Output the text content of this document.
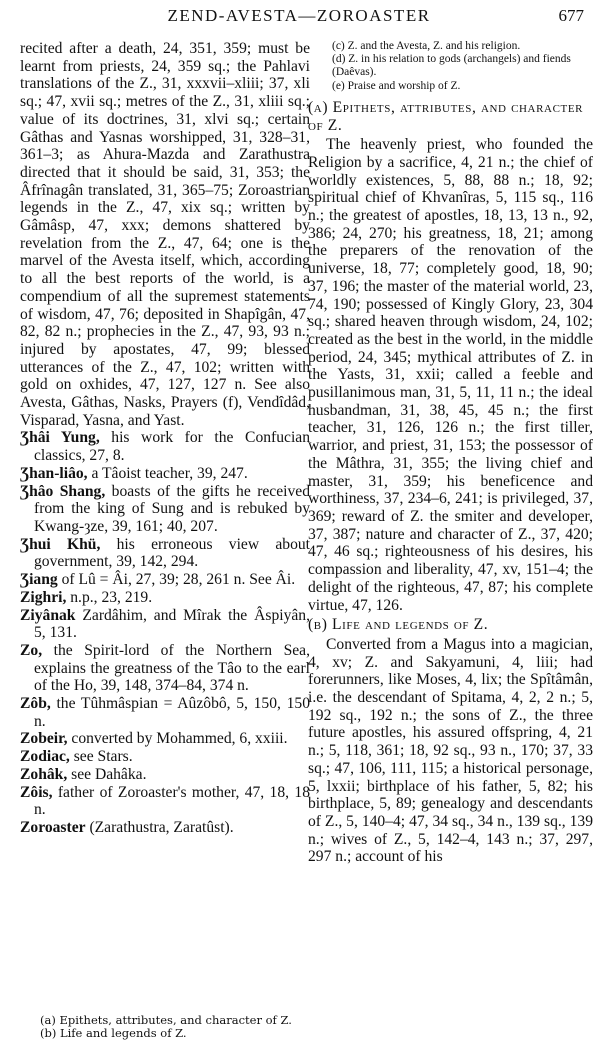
ZEND-AVESTA—ZOROASTER	677

recited after a death, 24, 351, 359; must be learnt from priests, 24, 359 sq.; the Pahlavi translations of the Z., 31, xxxvii–xliii; 37, xli sq.; 47, xvii sq.; metres of the Z., 31, xliii sq.; value of its doctrines, 31, xlvi sq.; certain Gâthas and Yasnas worshipped, 31, 328–31, 361–3; as Ahura-Mazda and Zarathustra directed that it should be said, 31, 353; the Âfrînagân translated, 31, 365–75; Zoroastrian legends in the Z., 47, xix sq.; written by Gâmâsp, 47, xxx; demons shattered by revelation from the Z., 47, 64; one is the marvel of the Avesta itself, which, according to all the best reports of the world, is a compendium of all the supremest statements of wisdom, 47, 76; deposited in Shapîgân, 47, 82, 82 n.; prophecies in the Z., 47, 93, 93 n.; injured by apostates, 47, 99; blessed utterances of the Z., 47, 102; written with gold on oxhides, 47, 127, 127 n. See also Avesta, Gâthas, Nasks, Prayers (f), Vendîdâd, Visparad, Yasna, and Yast.

Ʒhâi Yung, his work for the Confucian classics, 27, 8.

Ʒhan-liâo, a Tâoist teacher, 39, 247.

Ʒhâo Shang, boasts of the gifts he received from the king of Sung and is rebuked by Kwang-ȝze, 39, 161; 40, 207.

Ʒhui Khü, his erroneous view about government, 39, 142, 294.

Ʒiang of Lû = Âi, 27, 39; 28, 261 n. See Âi.

Zighri, n.p., 23, 219.

Ziyânak Zardâhim, and Mîrak the Âspiyân, 5, 131.

Zo, the Spirit-lord of the Northern Sea, explains the greatness of the Tâo to the earl of the Ho, 39, 148, 374–84, 374 n.

Zôb, the Tûhmâspian = Aûzôbô, 5, 150, 150 n.

Zobeir, converted by Mohammed, 6, xxiii.

Zodiac, see Stars.

Zohâk, see Dahâka.

Zôis, father of Zoroaster's mother, 47, 18, 18 n.

Zoroaster (Zarathustra, Zaratûst).

(a) Epithets, attributes, and character of Z.
(b) Life and legends of Z.

(c) Z. and the Avesta, Z. and his religion.

(d) Z. in his relation to gods (archangels) and fiends (Daêvas).

(e) Praise and worship of Z.

(a) Epithets, attributes, and character of Z.

The heavenly priest, who founded the Religion by a sacrifice, 4, 21 n.; the chief of worldly existences, 5, 88, 88 n.; 18, 92; spiritual chief of Khvanîras, 5, 115 sq., 116 n.; the greatest of apostles, 18, 13, 13 n., 92, 386; 24, 270; his greatness, 18, 21; among the preparers of the renovation of the universe, 18, 77; completely good, 18, 90; 37, 196; the master of the material world, 23, 74, 190; possessed of Kingly Glory, 23, 304 sq.; shared heaven through wisdom, 24, 102; created as the best in the world, in the middle period, 24, 345; mythical attributes of Z. in the Yasts, 31, xxii; called a feeble and pusillanimous man, 31, 5, 11, 11 n.; the ideal husbandman, 31, 38, 45, 45 n.; the first teacher, 31, 126, 126 n.; the first tiller, warrior, and priest, 31, 153; the possessor of the Mâthra, 31, 355; the living chief and master, 31, 359; his beneficence and worthiness, 37, 234–6, 241; is privileged, 37, 369; reward of Z. the smiter and developer, 37, 387; nature and character of Z., 37, 420; 47, 46 sq.; righteousness of his desires, his compassion and liberality, 47, xv, 151–4; the delight of the righteous, 47, 87; his complete virtue, 47, 126.

(b) Life and legends of Z.

Converted from a Magus into a magician, 4, xv; Z. and Sakyamuni, 4, liii; had forerunners, like Moses, 4, lix; the Spîtâmân, i.e. the descendant of Spitama, 4, 2, 2 n.; 5, 192 sq., 192 n.; the sons of Z., the three future apostles, his assured offspring, 4, 21 n.; 5, 118, 361; 18, 92 sq., 93 n., 170; 37, 33 sq.; 47, 106, 111, 115; a historical personage, 5, lxxii; birthplace of his father, 5, 82; his birthplace, 5, 89; genealogy and descendants of Z., 5, 140–4; 47, 34 sq., 34 n., 139 sq., 139 n.; wives of Z., 5, 142–4, 143 n.; 37, 297, 297 n.; account of his
